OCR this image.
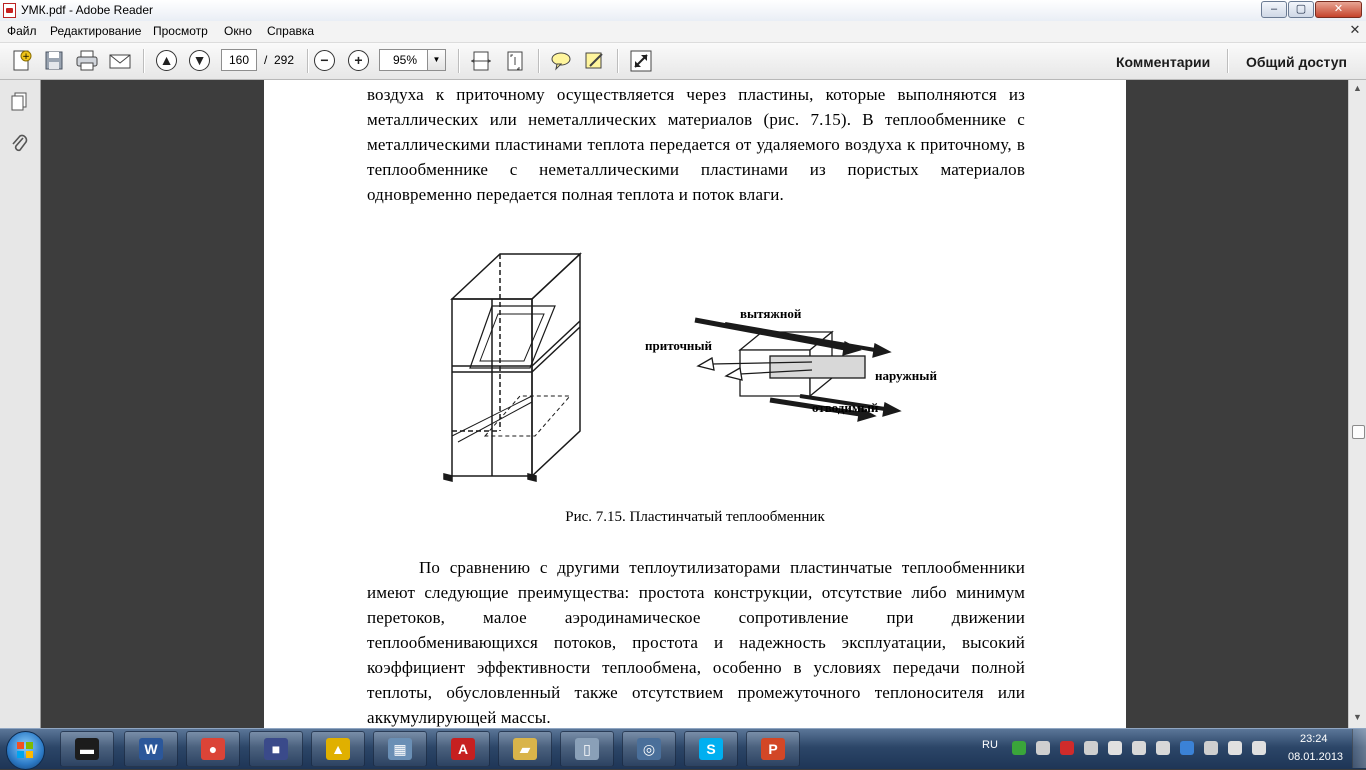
УМК.pdf - Adobe Reader	–	▢	✕
Файл Редактирование Просмотр Окно Справка	✕
+	▲ ▼	−	+
160	/ 292	95%	▼	Комментарии	Общий доступ
воздуха к приточному осуществляется через пластины, которые выполняются из металлических или неметаллических материалов (рис. 7.15). В теплообменнике с металлическими пластинами теплота передается от удаляемого воздуха к приточному, в теплообменнике с неметаллическими пластинами из пористых материалов одновременно передается полная теплота и поток влаги.
вытяжной
приточный
наружный
отводимый
Рис. 7.15. Пластинчатый теплообменник
По сравнению с другими теплоутилизаторами пластинчатые теплообменники имеют следующие преимущества: простота конструкции, отсутствие либо минимум перетоков, малое аэродинамическое сопротивление при движении теплообменивающихся потоков, простота и надежность эксплуатации, высокий коэффициент эффективности теплообмена, особенно в условиях передачи полной теплоты, обусловленный также отсутствием промежуточного теплоносителя или аккумулирующей массы.
▲
▼
▬	W	●	■	▲	▦	A	▰	▯	◎	S	P	RU	23:24
08.01.2013
